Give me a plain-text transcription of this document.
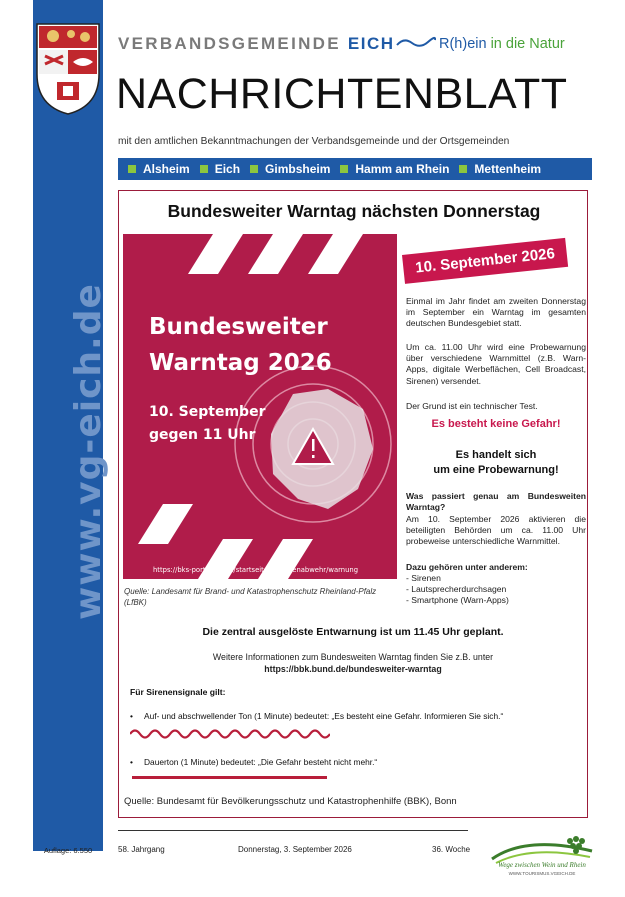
www.vg-eich.de
Auflage: 6.550
VERBANDSGEMEINDE EICH	R(h)ein in die Natur
NACHRICHTENBLATT
mit den amtlichen Bekanntmachungen der Verbandsgemeinde und der Ortsgemeinden
Alsheim Eich Gimbsheim Hamm am Rhein Mettenheim
Bundesweiter Warntag nächsten Donnerstag
Bundesweiter
Warntag 2026
10. September
gegen 11 Uhr
https://bks-portal.rlp.de/startseite/gefahrenabwehr/warnung
Quelle: Landesamt für Brand- und Katastrophenschutz Rheinland-Pfalz (LfBK)
10. September 2026
Einmal im Jahr findet am zweiten Donnerstag im September ein Warntag im gesamten deutschen Bundesgebiet statt.
Um ca. 11.00 Uhr wird eine Probewarnung über verschiedene Warnmittel (z.B. Warn-Apps, digitale Werbeflächen, Cell Broadcast, Sirenen) versendet.
Der Grund ist ein technischer Test.
Es besteht keine Gefahr!
Es handelt sich
um eine Probewarnung!
Was passiert genau am Bundesweiten Warntag?
Am 10. September 2026 aktivieren die beteiligten Behörden um ca. 11.00 Uhr probeweise unterschiedliche Warnmittel.
Dazu gehören unter anderem:
- Sirenen
- Lautsprecherdurchsagen
- Smartphone (Warn-Apps)
Die zentral ausgelöste Entwarnung ist um 11.45 Uhr geplant.
Weitere Informationen zum Bundesweiten Warntag finden Sie z.B. unter
https://bbk.bund.de/bundesweiter-warntag
Für Sirenensignale gilt:
• Auf- und abschwellender Ton (1 Minute) bedeutet: „Es besteht eine Gefahr. Informieren Sie sich.“
• Dauerton (1 Minute) bedeutet: „Die Gefahr besteht nicht mehr.“
Quelle: Bundesamt für Bevölkerungsschutz und Katastrophenhilfe (BBK), Bonn
58. Jahrgang	Donnerstag, 3. September 2026	36. Woche
Wege zwischen Wein und Rhein
WWW.TOURISMUS.VGEICH.DE
